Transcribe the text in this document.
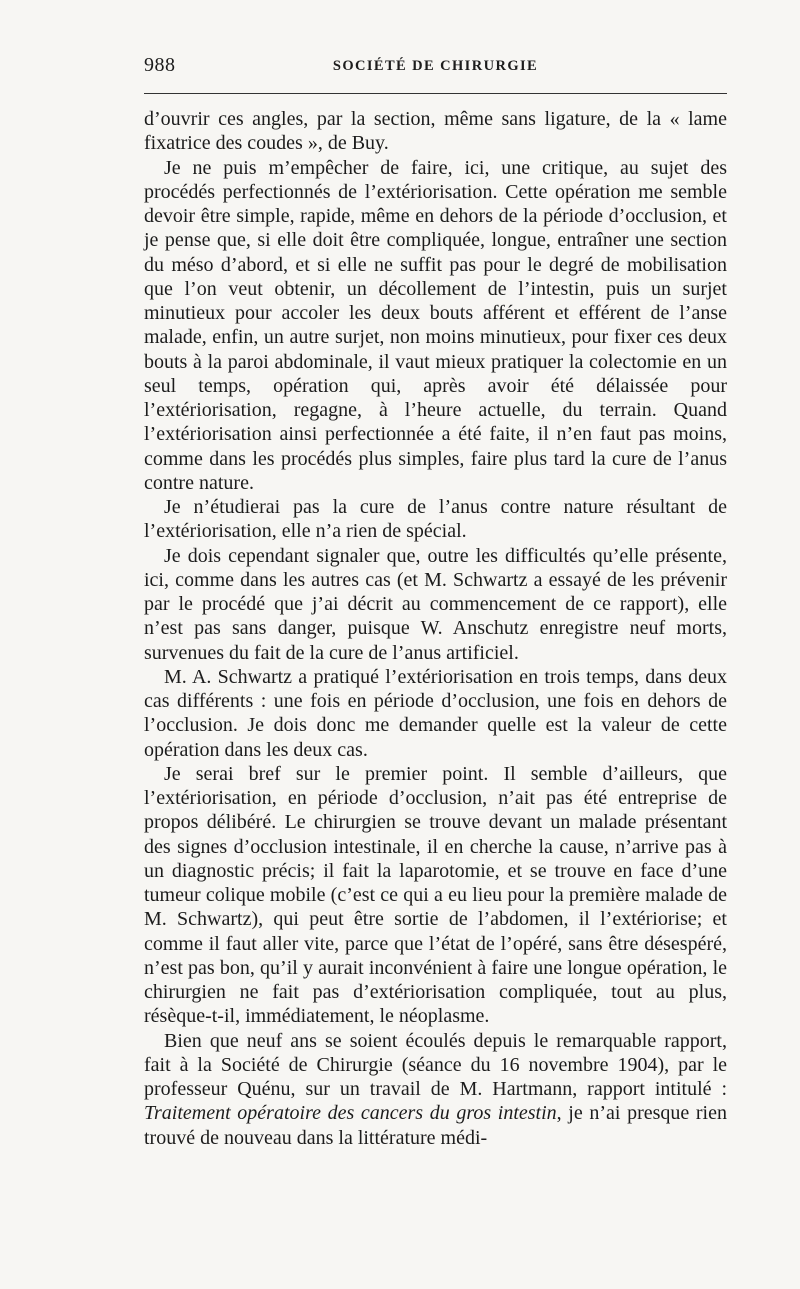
988	SOCIÉTÉ DE CHIRURGIE

d’ouvrir ces angles, par la section, même sans ligature, de la « lame fixatrice des coudes », de Buy.

Je ne puis m’empêcher de faire, ici, une critique, au sujet des procédés perfectionnés de l’extériorisation. Cette opération me semble devoir être simple, rapide, même en dehors de la période d’occlusion, et je pense que, si elle doit être compliquée, longue, entraîner une section du méso d’abord, et si elle ne suffit pas pour le degré de mobilisation que l’on veut obtenir, un décollement de l’intestin, puis un surjet minutieux pour accoler les deux bouts afférent et efférent de l’anse malade, enfin, un autre surjet, non moins minutieux, pour fixer ces deux bouts à la paroi abdominale, il vaut mieux pratiquer la colectomie en un seul temps, opération qui, après avoir été délaissée pour l’extériorisation, regagne, à l’heure actuelle, du terrain. Quand l’extériorisation ainsi perfectionnée a été faite, il n’en faut pas moins, comme dans les procédés plus simples, faire plus tard la cure de l’anus contre nature.

Je n’étudierai pas la cure de l’anus contre nature résultant de l’extériorisation, elle n’a rien de spécial.

Je dois cependant signaler que, outre les difficultés qu’elle présente, ici, comme dans les autres cas (et M. Schwartz a essayé de les prévenir par le procédé que j’ai décrit au commencement de ce rapport), elle n’est pas sans danger, puisque W. Anschutz enregistre neuf morts, survenues du fait de la cure de l’anus artificiel.

M. A. Schwartz a pratiqué l’extériorisation en trois temps, dans deux cas différents : une fois en période d’occlusion, une fois en dehors de l’occlusion. Je dois donc me demander quelle est la valeur de cette opération dans les deux cas.

Je serai bref sur le premier point. Il semble d’ailleurs, que l’extériorisation, en période d’occlusion, n’ait pas été entreprise de propos délibéré. Le chirurgien se trouve devant un malade présentant des signes d’occlusion intestinale, il en cherche la cause, n’arrive pas à un diagnostic précis; il fait la laparotomie, et se trouve en face d’une tumeur colique mobile (c’est ce qui a eu lieu pour la première malade de M. Schwartz), qui peut être sortie de l’abdomen, il l’extériorise; et comme il faut aller vite, parce que l’état de l’opéré, sans être désespéré, n’est pas bon, qu’il y aurait inconvénient à faire une longue opération, le chirurgien ne fait pas d’extériorisation compliquée, tout au plus, résèque-t-il, immédiatement, le néoplasme.

Bien que neuf ans se soient écoulés depuis le remarquable rapport, fait à la Société de Chirurgie (séance du 16 novembre 1904), par le professeur Quénu, sur un travail de M. Hartmann, rapport intitulé : Traitement opératoire des cancers du gros intestin, je n’ai presque rien trouvé de nouveau dans la littérature médi-
